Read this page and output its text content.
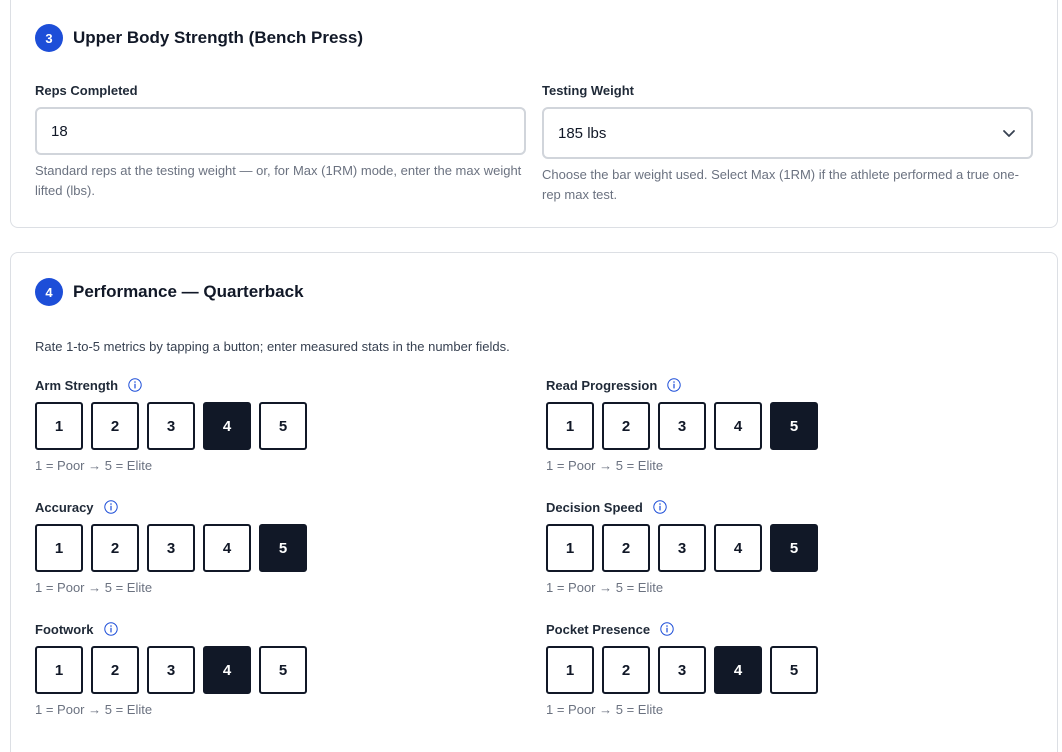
3	Upper Body Strength (Bench Press)
Reps Completed
18
Standard reps at the testing weight — or, for Max (1RM) mode, enter the max weight lifted (lbs).
Testing Weight
185 lbs
Choose the bar weight used. Select Max (1RM) if the athlete performed a true one-rep max test.
4	Performance — Quarterback
Rate 1-to-5 metrics by tapping a button; enter measured stats in the number fields.
Arm Strength
1	2	3	4	5
1 = Poor → 5 = Elite
Read Progression
1	2	3	4	5
1 = Poor → 5 = Elite
Accuracy
1	2	3	4	5
1 = Poor → 5 = Elite
Decision Speed
1	2	3	4	5
1 = Poor → 5 = Elite
Footwork
1	2	3	4	5
1 = Poor → 5 = Elite
Pocket Presence
1	2	3	4	5
1 = Poor → 5 = Elite
